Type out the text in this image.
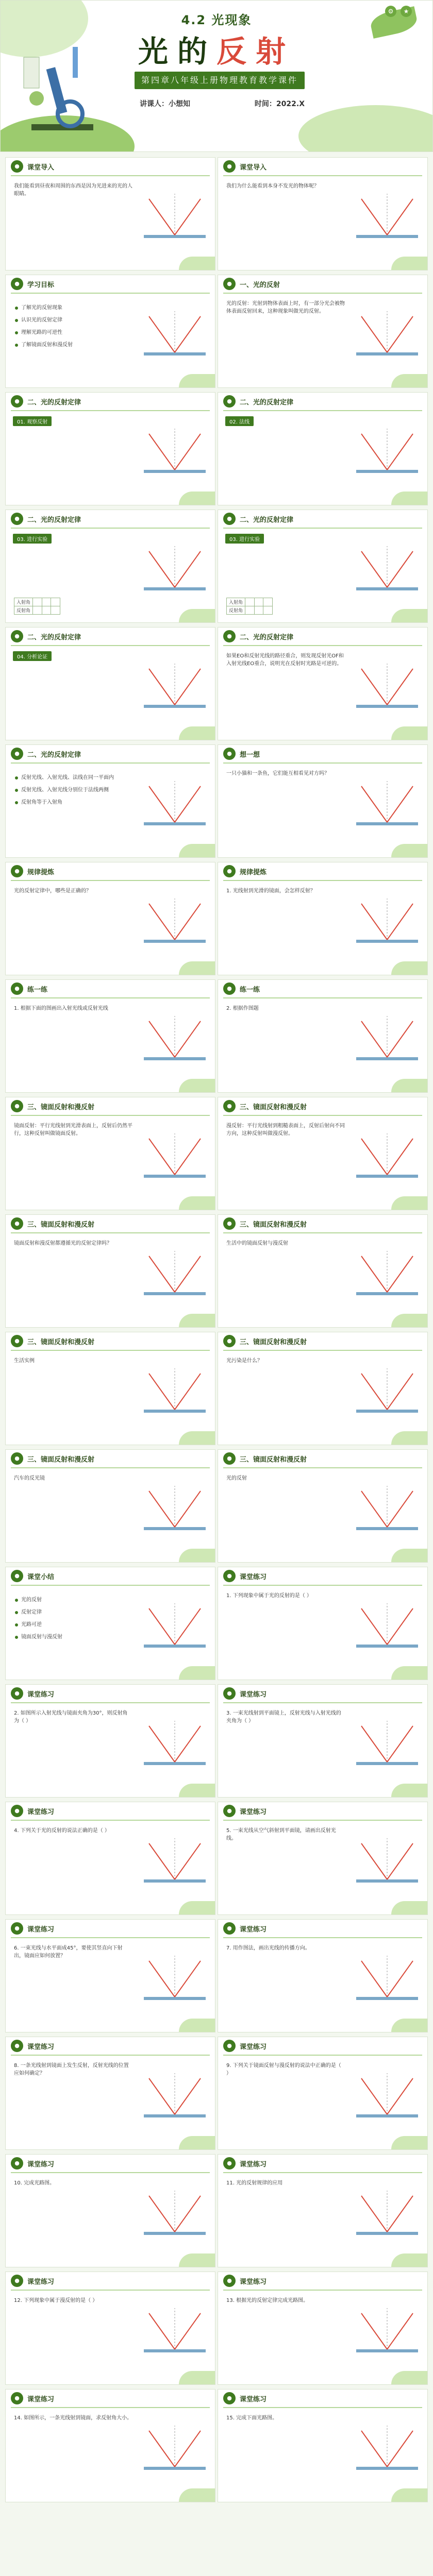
⚙	★
4.2 光现象
光的反射
第四章八年级上册物理教育教学课件
讲课人：小想知	时间：2022.X
●	课堂导入
我们能看到昼夜和周围的东西是因为光进来的光的人眼睛。
●	课堂导入
我们为什么能看到本身不发光的物体呢？
●	学习目标
了解光的反射现象
认识光的反射定律
理解光路的可逆性
了解镜面反射和漫反射
●	一、光的反射
光的反射：光射到物体表面上时，有一部分光会被物体表面反射回来，这种现象叫做光的反射。
●	二、光的反射定律
01. 观察反射
●	二、光的反射定律
02. 法线
●	二、光的反射定律
03. 进行实验
入射角			
反射角			
●	二、光的反射定律
03. 进行实验
入射角			
反射角			
●	二、光的反射定律
04. 分析论证
●	二、光的反射定律
如果EO和反射光线的路径重合，则发现反射光OF和入射光线EO重合，说明光在反射时光路是可逆的。
●	二、光的反射定律
反射光线、入射光线、法线在同一平面内
反射光线、入射光线分别位于法线两侧
反射角等于入射角
●	想一想
一只小猫和一条鱼，它们能互相看见对方吗？
●	规律提炼
光的反射定律中，哪些是正确的？
●	规律提炼
1. 光线射到光滑的镜面，会怎样反射？
●	练一练
1. 根据下面的图画出入射光线或反射光线
●	练一练
2. 根据作图题
●	三、镜面反射和漫反射
镜面反射：平行光线射到光滑表面上，反射后仍然平行，这种反射叫做镜面反射。
●	三、镜面反射和漫反射
漫反射：平行光线射到粗糙表面上，反射后射向不同方向，这种反射叫做漫反射。
●	三、镜面反射和漫反射
镜面反射和漫反射都遵循光的反射定律吗？
●	三、镜面反射和漫反射
生活中的镜面反射与漫反射
●	三、镜面反射和漫反射
生活实例
●	三、镜面反射和漫反射
光污染是什么？
●	三、镜面反射和漫反射
汽车的反光镜
●	三、镜面反射和漫反射
光的反射
●	课堂小结
光的反射
反射定律
光路可逆
镜面反射与漫反射
●	课堂练习
1. 下列现象中属于光的反射的是（ ）
●	课堂练习
2. 如图所示入射光线与镜面夹角为30°，则反射角为（ ）
●	课堂练习
3. 一束光线射到平面镜上，反射光线与入射光线的夹角为（ ）
●	课堂练习
4. 下列关于光的反射的说法正确的是（ ）
●	课堂练习
5. 一束光线从空气斜射到平面镜，请画出反射光线。
●	课堂练习
6. 一束光线与水平面成45°，要使其竖直向下射出，镜面应如何放置？
●	课堂练习
7. 用作图法，画出光线的传播方向。
●	课堂练习
8. 一条光线射到镜面上发生反射，反射光线的位置应如何确定？
●	课堂练习
9. 下列关于镜面反射与漫反射的说法中正确的是（ ）
●	课堂练习
10. 完成光路图。
●	课堂练习
11. 光的反射规律的应用
●	课堂练习
12. 下列现象中属于漫反射的是（ ）
●	课堂练习
13. 根据光的反射定律完成光路图。
●	课堂练习
14. 如图所示，一条光线射到镜面，求反射角大小。
●	课堂练习
15. 完成下面光路图。
